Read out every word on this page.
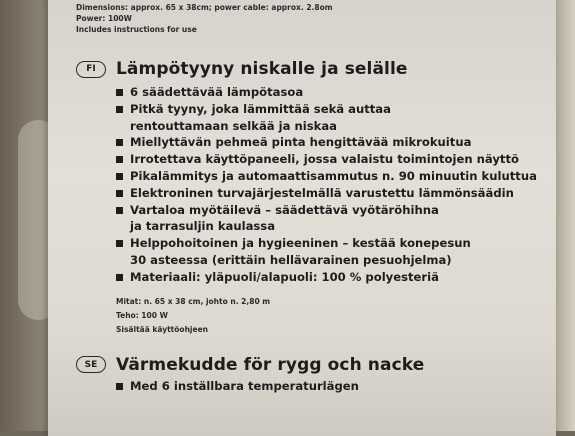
Dimensions: approx. 65 x 38cm; power cable: approx. 2.8om
Power: 100W
Includes instructions for use
FI	Lämpötyyny niskalle ja selälle
6 säädettävää lämpötasoa
Pitkä tyyny, joka lämmittää sekä auttaa
rentouttamaan selkää ja niskaa
Miellyttävän pehmeä pinta hengittävää mikrokuitua
Irrotettava käyttöpaneeli, jossa valaistu toimintojen näyttö
Pikalämmitys ja automaattisammutus n. 90 minuutin kuluttua
Elektroninen turvajärjestelmällä varustettu lämmönsäädin
Vartaloa myötäilevä – säädettävä vyötäröhihna
ja tarrasuljin kaulassa
Helppohoitoinen ja hygieeninen – kestää konepesun
30 asteessa (erittäin hellävarainen pesuohjelma)
Materiaali: yläpuoli/alapuoli: 100 % polyesteriä
Mitat: n. 65 x 38 cm, johto n. 2,80 m
Teho: 100 W
Sisältää käyttöohjeen
SE	Värmekudde för rygg och nacke
Med 6 inställbara temperaturlägen
